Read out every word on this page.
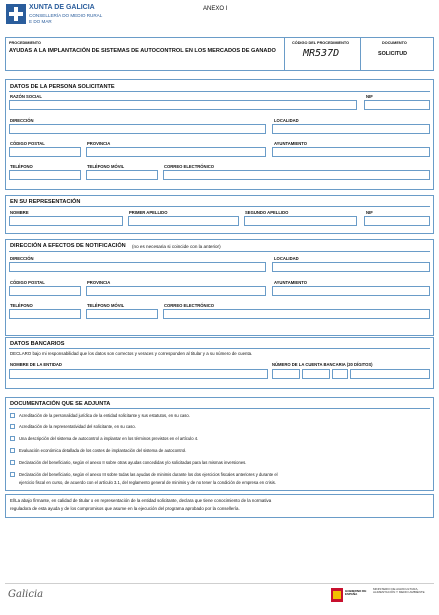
XUNTA DE GALICIA
CONSELLERÍA DO MEDIO RURAL
E DO MAR
ANEXO I
PROCEDIMIENTO
AYUDAS A LA IMPLANTACIÓN DE SISTEMAS DE AUTOCONTROL EN LOS MERCADOS DE GANADO
CÓDIGO DEL PROCEDIMIENTO
MR537D
DOCUMENTO
SOLICITUD
DATOS DE LA PERSONA SOLICITANTE
RAZÓN SOCIAL	NIF
DIRECCIÓN	LOCALIDAD
CÓDIGO POSTAL	PROVINCIA	AYUNTAMIENTO
TELÉFONO	TELÉFONO MÓVIL	CORREO ELECTRÓNICO
EN SU REPRESENTACIÓN
NOMBRE	PRIMER APELLIDO	SEGUNDO APELLIDO	NIF
DIRECCIÓN A EFECTOS DE NOTIFICACIÓN (no es necesaria si coincide con la anterior)
DIRECCIÓN	LOCALIDAD
CÓDIGO POSTAL	PROVINCIA	AYUNTAMIENTO
TELÉFONO	TELÉFONO MÓVIL	CORREO ELECTRÓNICO
DATOS BANCARIOS
DECLARO bajo mi responsabilidad que los datos son correctos y veraces y corresponden al titular y a su número de cuenta.
NOMBRE DE LA ENTIDAD	NÚMERO DE LA CUENTA BANCARIA (20 DÍGITOS)
DOCUMENTACIÓN QUE SE ADJUNTA
Acreditación de la personalidad jurídica de la entidad solicitante y sus estatutos, en su caso.
Acreditación de la representatividad del solicitante, en su caso.
Una descripción del sistema de autocontrol a implantar en los términos previstos en el artículo 4.
Evaluación económica detallada de los costes de implantación del sistema de autocontrol.
Declaración del beneficiario, según el anexo II sobre otras ayudas concedidas y/o solicitadas para las mismas inversiones.
Declaración del beneficiario, según el anexo III sobre todas las ayudas de minimis durante los dos ejercicios fiscales anteriores y durante el
ejercicio fiscal en curso, de acuerdo con el artículo 3.1, del reglamento general de minimis y de no tener la condición de empresa en crisis.
El/La abajo firmante, en calidad de titular o en representación de la entidad solicitante, declara que tiene conocimiento de la normativa
reguladora de esta ayuda y de los compromisos que asume en la ejecución del programa aprobado por la consellería.
Galicia	GOBIERNO DE ESPAÑA
MINISTERIO DE AGRICULTURA, ALIMENTACIÓN Y MEDIO AMBIENTE
